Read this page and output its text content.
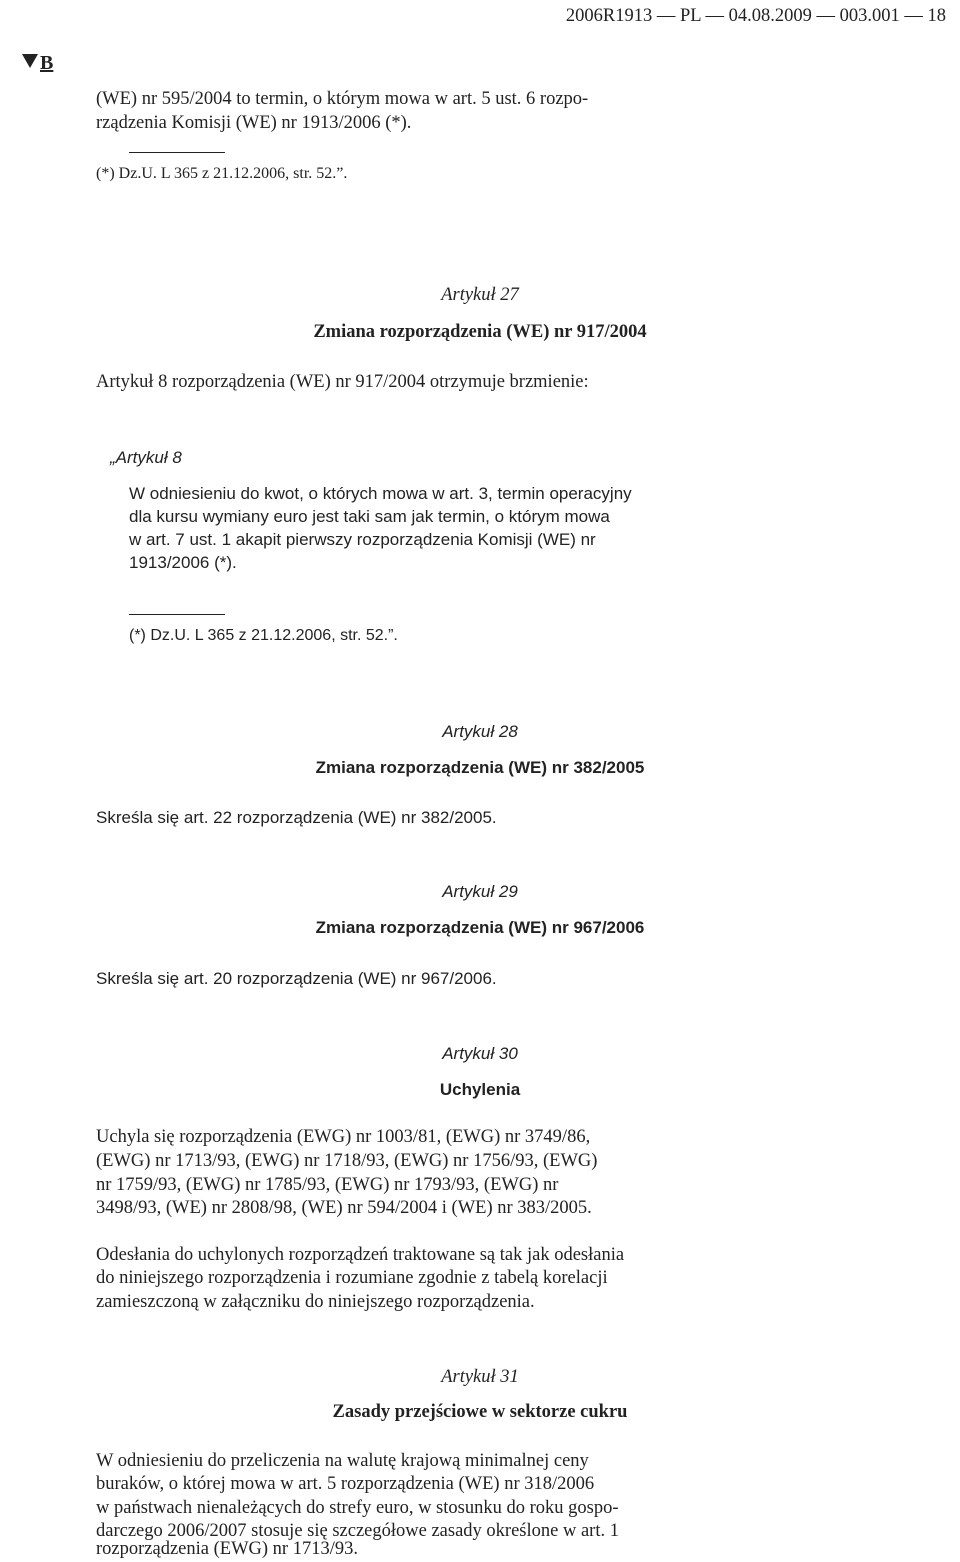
2006R1913 — PL — 04.08.2009 — 003.001 — 18
B
(WE) nr 595/2004 to termin, o którym mowa w art. 5 ust. 6 rozpo-
rządzenia Komisji (WE) nr 1913/2006 (*).
(*) Dz.U. L 365 z 21.12.2006, str. 52.”.
Artykuł 27
Zmiana rozporządzenia (WE) nr 917/2004
Artykuł 8 rozporządzenia (WE) nr 917/2004 otrzymuje brzmienie:
„Artykuł 8
W odniesieniu do kwot, o których mowa w art. 3, termin operacyjny
dla kursu wymiany euro jest taki sam jak termin, o którym mowa
w art. 7 ust. 1 akapit pierwszy rozporządzenia Komisji (WE) nr
1913/2006 (*).
(*) Dz.U. L 365 z 21.12.2006, str. 52.”.
Artykuł 28
Zmiana rozporządzenia (WE) nr 382/2005
Skreśla się art. 22 rozporządzenia (WE) nr 382/2005.
Artykuł 29
Zmiana rozporządzenia (WE) nr 967/2006
Skreśla się art. 20 rozporządzenia (WE) nr 967/2006.
Artykuł 30
Uchylenia
Uchyla się rozporządzenia (EWG) nr 1003/81, (EWG) nr 3749/86,
(EWG) nr 1713/93, (EWG) nr 1718/93, (EWG) nr 1756/93, (EWG)
nr 1759/93, (EWG) nr 1785/93, (EWG) nr 1793/93, (EWG) nr
3498/93, (WE) nr 2808/98, (WE) nr 594/2004 i (WE) nr 383/2005.
Odesłania do uchylonych rozporządzeń traktowane są tak jak odesłania
do niniejszego rozporządzenia i rozumiane zgodnie z tabelą korelacji
zamieszczoną w załączniku do niniejszego rozporządzenia.
Artykuł 31
Zasady przejściowe w sektorze cukru
W odniesieniu do przeliczenia na walutę krajową minimalnej ceny
buraków, o której mowa w art. 5 rozporządzenia (WE) nr 318/2006
w państwach nienależących do strefy euro, w stosunku do roku gospo-
darczego 2006/2007 stosuje się szczegółowe zasady określone w art. 1
rozporządzenia (EWG) nr 1713/93.
